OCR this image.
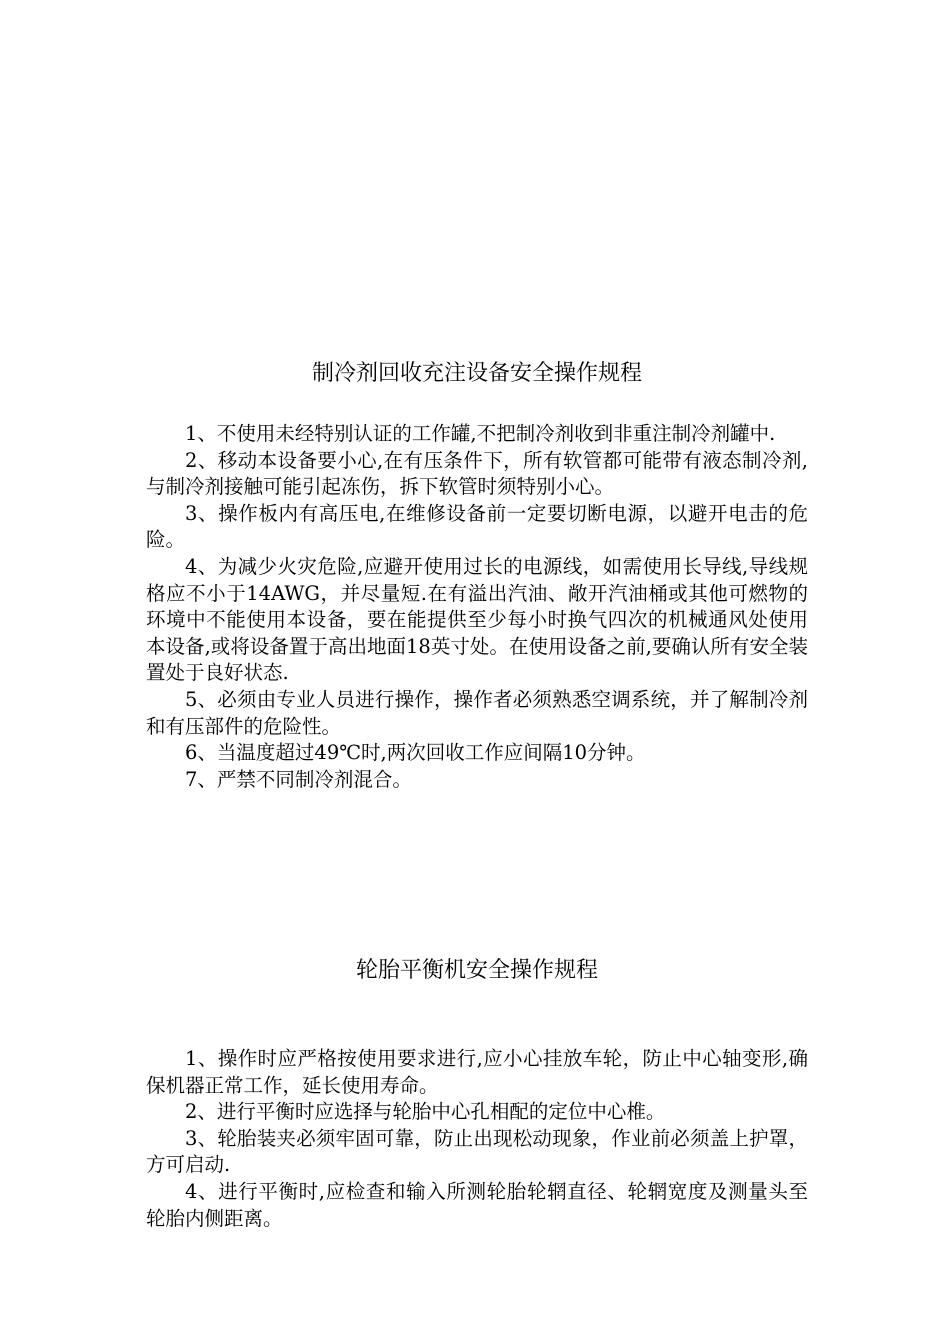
制冷剂回收充注设备安全操作规程

1、不使用未经特别认证的工作罐,不把制冷剂收到非重注制冷剂罐中.

2、移动本设备要小心,在有压条件下，所有软管都可能带有液态制冷剂,与制冷剂接触可能引起冻伤，拆下软管时须特别小心。

3、操作板内有高压电,在维修设备前一定要切断电源，以避开电击的危险。

4、为减少火灾危险,应避开使用过长的电源线，如需使用长导线,导线规格应不小于14AWG，并尽量短.在有溢出汽油、敞开汽油桶或其他可燃物的环境中不能使用本设备，要在能提供至少每小时换气四次的机械通风处使用本设备,或将设备置于高出地面18英寸处。在使用设备之前,要确认所有安全装置处于良好状态.

5、必须由专业人员进行操作，操作者必须熟悉空调系统，并了解制冷剂和有压部件的危险性。

6、当温度超过49℃时,两次回收工作应间隔10分钟。

7、严禁不同制冷剂混合。

轮胎平衡机安全操作规程

1、操作时应严格按使用要求进行,应小心挂放车轮，防止中心轴变形,确保机器正常工作，延长使用寿命。

2、进行平衡时应选择与轮胎中心孔相配的定位中心椎。

3、轮胎装夹必须牢固可靠，防止出现松动现象，作业前必须盖上护罩，方可启动.

4、进行平衡时,应检查和输入所测轮胎轮辋直径、轮辋宽度及测量头至轮胎内侧距离。
